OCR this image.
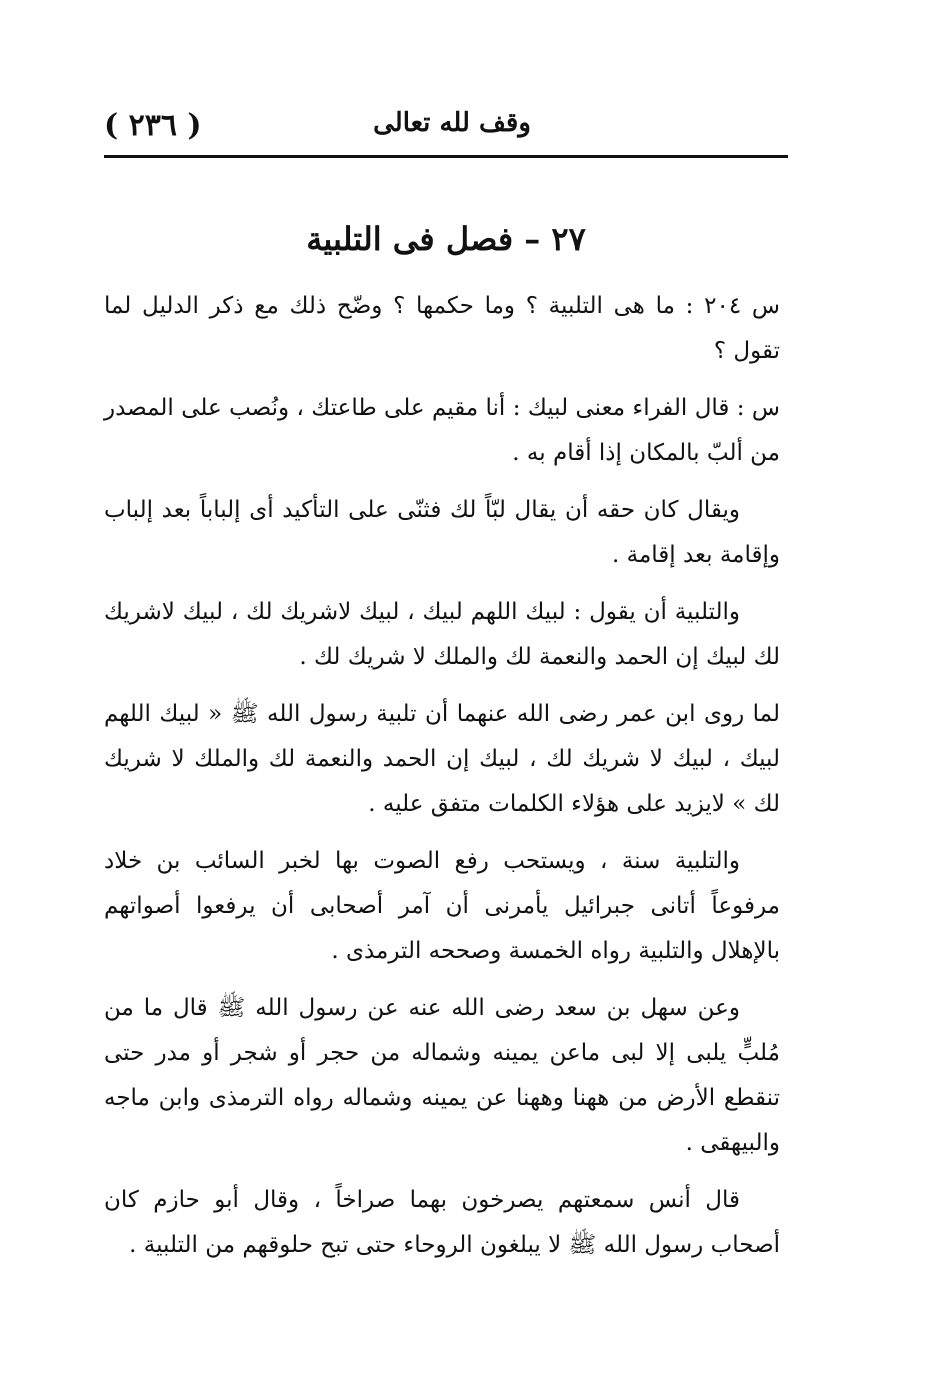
( ٢٣٦ )	وقف لله تعالى
٢٧ – فصل فى التلبية

س ٢٠٤ : ما هى التلبية ؟ وما حكمها ؟ وضّح ذلك مع ذكر الدليل لما تقول ؟

س : قال الفراء معنى لبيك : أنا مقيم على طاعتك ، ونُصب على المصدر من ألبّ بالمكان إذا أقام به .

ويقال كان حقه أن يقال لبّاً لك فثنّى على التأكيد أى إلباباً بعد إلباب وإقامة بعد إقامة .

والتلبية أن يقول : لبيك اللهم لبيك ، لبيك لاشريك لك ، لبيك لاشريك لك لبيك إن الحمد والنعمة لك والملك لا شريك لك .

لما روى ابن عمر رضى الله عنهما أن تلبية رسول الله ﷺ « لبيك اللهم لبيك ، لبيك لا شريك لك ، لبيك إن الحمد والنعمة لك والملك لا شريك لك » لايزيد على هؤلاء الكلمات متفق عليه .

والتلبية سنة ، ويستحب رفع الصوت بها لخبر السائب بن خلاد مرفوعاً أتانى جبرائيل يأمرنى أن آمر أصحابى أن يرفعوا أصواتهم بالإهلال والتلبية رواه الخمسة وصححه الترمذى .

وعن سهل بن سعد رضى الله عنه عن رسول الله ﷺ قال ما من مُلبٍّ يلبى إلا لبى ماعن يمينه وشماله من حجر أو شجر أو مدر حتى تنقطع الأرض من ههنا وههنا عن يمينه وشماله رواه الترمذى وابن ماجه والبيهقى .

قال أنس سمعتهم يصرخون بهما صراخاً ، وقال أبو حازم كان أصحاب رسول الله ﷺ لا يبلغون الروحاء حتى تبح حلوقهم من التلبية .
